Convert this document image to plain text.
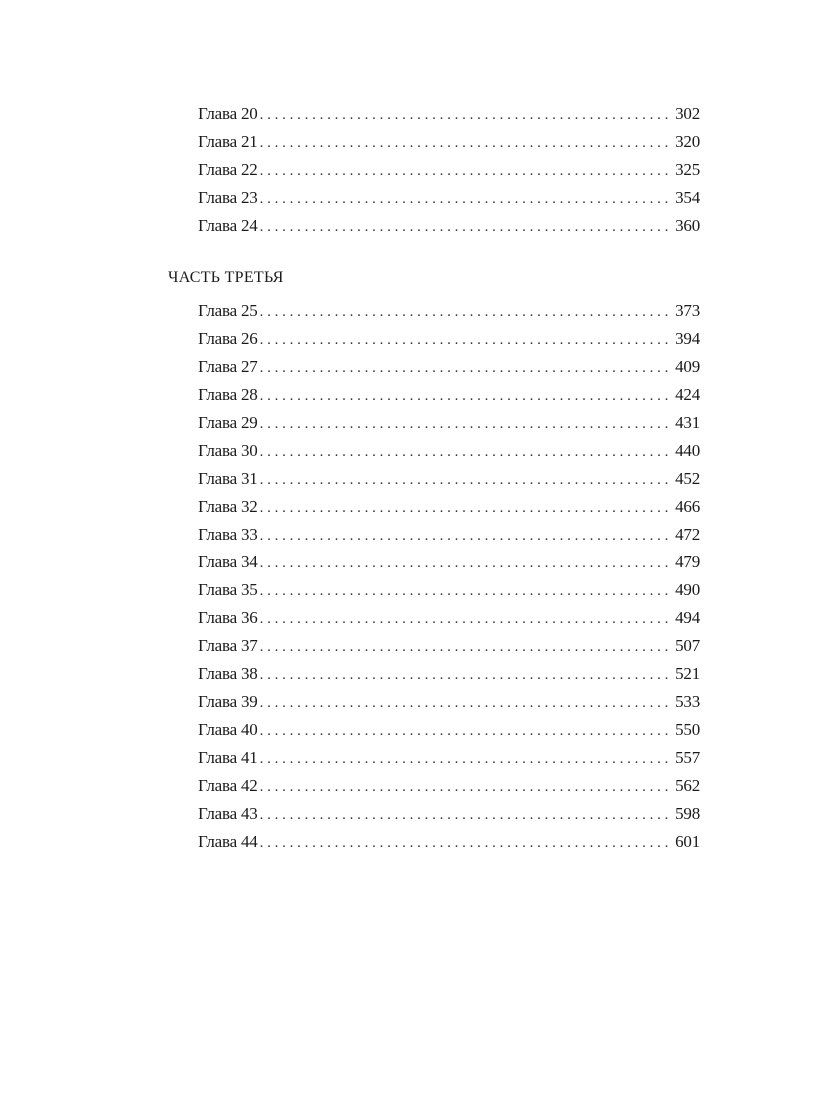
Глава 20 . . .	302
Глава 21 . . .	320
Глава 22 . . .	325
Глава 23 . . .	354
Глава 24 . . .	360
ЧАСТЬ ТРЕТЬЯ
Глава 25 . . .	373
Глава 26 . . .	394
Глава 27 . . .	409
Глава 28 . . .	424
Глава 29 . . .	431
Глава 30 . . .	440
Глава 31 . . .	452
Глава 32 . . .	466
Глава 33 . . .	472
Глава 34 . . .	479
Глава 35 . . .	490
Глава 36 . . .	494
Глава 37 . . .	507
Глава 38 . . .	521
Глава 39 . . .	533
Глава 40 . . .	550
Глава 41 . . .	557
Глава 42 . . .	562
Глава 43 . . .	598
Глава 44 . . .	601
